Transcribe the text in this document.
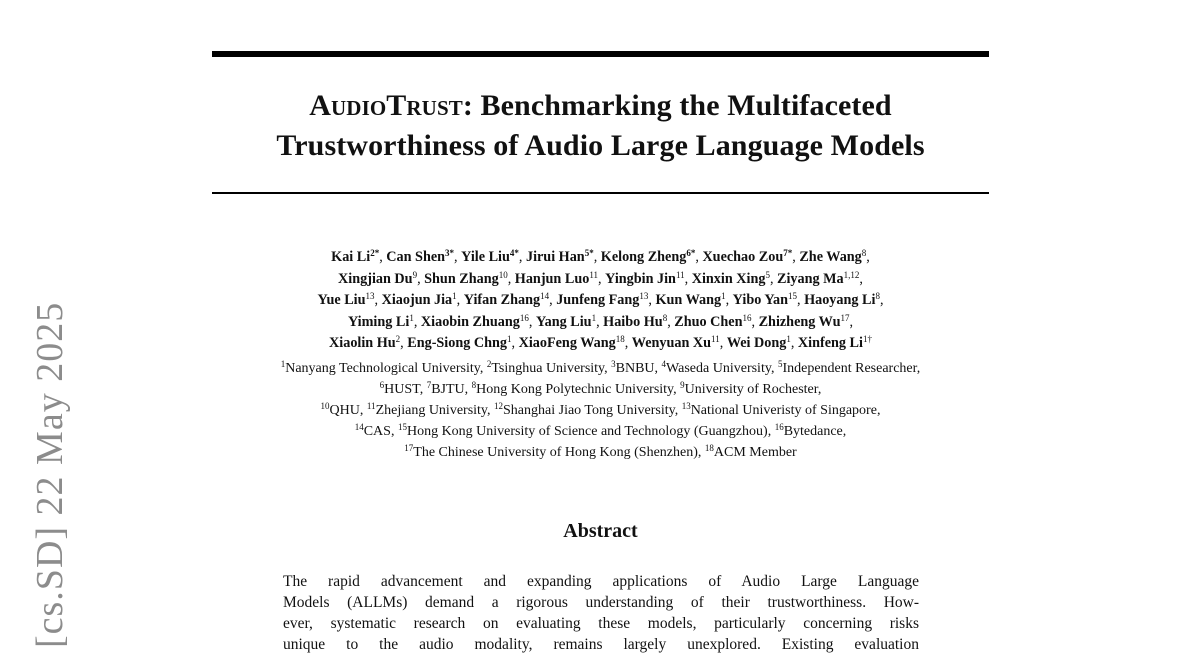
[cs.SD] 22 May 2025
AudioTrust: Benchmarking the Multifaceted
Trustworthiness of Audio Large Language Models
Kai $Li^{2*}$, Can Shen$^{3*}$, Yile Liu$^{4*}$, Jirui Han$^{5*}$, Kelong Zheng$^{6*}$, Xuechao Zou$^{7*}$, Zhe Wang$^8$,
Xingjian Du$^9$, Shun Zhang$^{10}$, Hanjun Luo$^{11}$, Yingbin Jin$^{11}$, Xinxin Xing$^5$, Ziyang Ma$^{1,12}$,
Yue Liu$^{13}$, Xiaojun Jia$^1$, Yifan Zhang$^{14}$, Junfeng Fang$^{13}$, Kun Wang$^1$, Yibo Yan$^{15}$, Haoyang Li$^8$,
Yiming Li$^1$, Xiaobin Zhuang$^{16}$, Yang Liu$^1$, Haibo Hu$^8$, Zhuo Chen$^{16}$, Zhizheng Wu$^{17}$,
Xiaolin Hu$^2$, Eng-Siong Chng$^1$, XiaoFeng Wang$^{18}$, Wenyuan Xu$^{11}$, Wei Dong$^1$, Xinfeng $Li^{1\dagger}$
$^1$Nanyang Technological University, $^2$Tsinghua University, $^3$BNBU, $^4$Waseda University, $^5$Independent Researcher,
$^6$HUST, $^7$BJTU, $^8$Hong Kong Polytechnic University, $^9$University of Rochester,
$^{10}$QHU, $^{11}$Zhejiang University, $^{12}$Shanghai Jiao Tong University, $^{13}$National Univeristy of Singapore,
$^{14}$CAS, $^{15}$Hong Kong University of Science and Technology (Guangzhou), $^{16}$Bytedance,
$^{17}$The Chinese University of Hong Kong (Shenzhen), $^{18}$ACM Member
Abstract
The rapid advancement and expanding applications of Audio Large Language
Models (ALLMs) demand a rigorous understanding of their trustworthiness. How-
ever, systematic research on evaluating these models, particularly concerning risks
unique to the audio modality, remains largely unexplored. Existing evaluation
